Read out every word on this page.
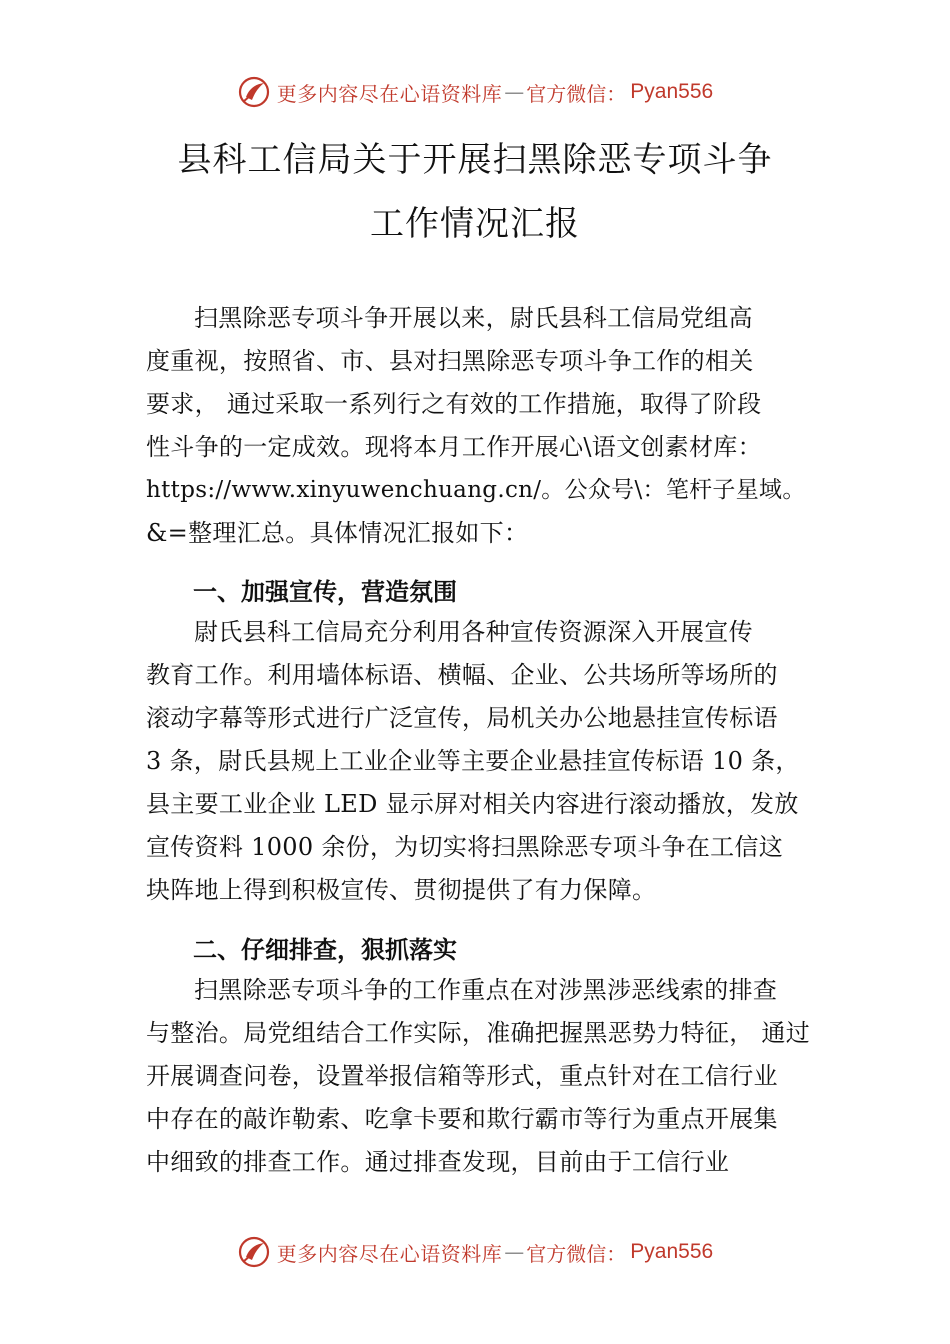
更多内容尽在心语资料库 — 官方微信： Pyan556
县科工信局关于开展扫黑除恶专项斗争
工作情况汇报
扫黑除恶专项斗争开展以来，尉氏县科工信局党组高
度重视，按照省、市、县对扫黑除恶专项斗争工作的相关
要求， 通过采取一系列行之有效的工作措施，取得了阶段
性斗争的一定成效。现将本月工作开展心\语文创素材库：
https://www.xinyuwenchuang.cn/。公众号\：笔杆子星域。
&=整理汇总。具体情况汇报如下：
一、加强宣传，营造氛围
尉氏县科工信局充分利用各种宣传资源深入开展宣传
教育工作。利用墙体标语、横幅、企业、公共场所等场所的
滚动字幕等形式进行广泛宣传，局机关办公地悬挂宣传标语
3 条，尉氏县规上工业企业等主要企业悬挂宣传标语 10 条，
县主要工业企业 LED 显示屏对相关内容进行滚动播放，发放
宣传资料 1000 余份，为切实将扫黑除恶专项斗争在工信这
块阵地上得到积极宣传、贯彻提供了有力保障。
二、仔细排查，狠抓落实
扫黑除恶专项斗争的工作重点在对涉黑涉恶线索的排查
与整治。局党组结合工作实际，准确把握黑恶势力特征， 通过
开展调查问卷，设置举报信箱等形式，重点针对在工信行业
中存在的敲诈勒索、吃拿卡要和欺行霸市等行为重点开展集
中细致的排查工作。通过排查发现，目前由于工信行业
更多内容尽在心语资料库 — 官方微信： Pyan556
